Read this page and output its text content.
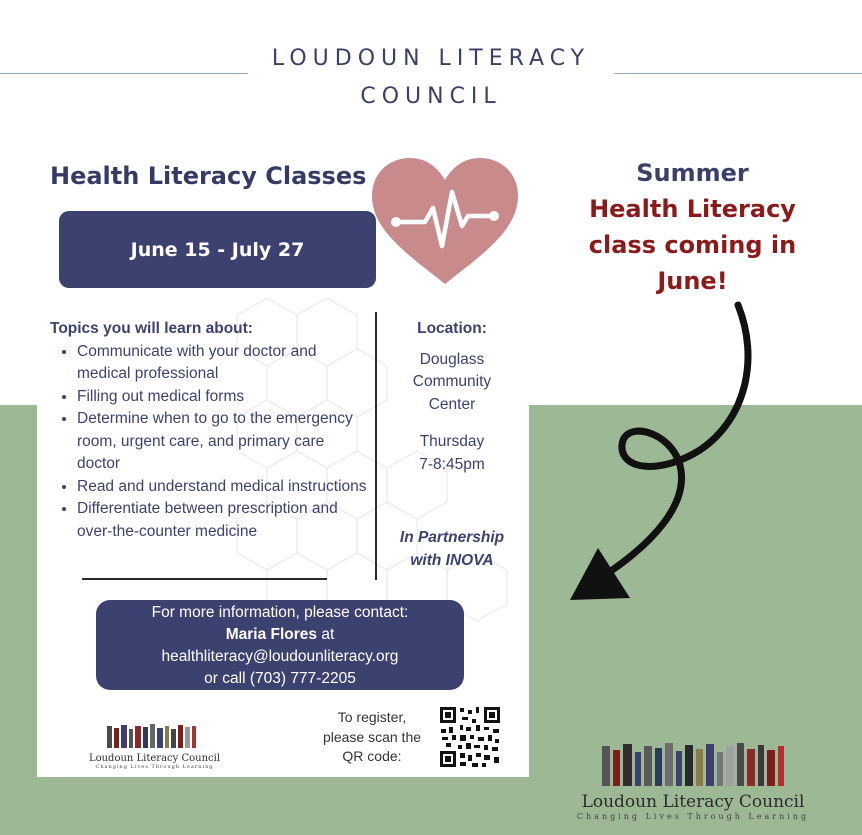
LOUDOUN LITERACY
COUNCIL
Health Literacy Classes
June 15 - July 27
Topics you will learn about:
• Communicate with your doctor and medical professional
• Filling out medical forms
• Determine when to go to the emergency room, urgent care, and primary care doctor
• Read and understand medical instructions
• Differentiate between prescription and over-the-counter medicine
Location:
Douglass
Community
Center
Thursday
7-8:45pm
In Partnership
with INOVA
For more information, please contact:
Maria Flores at
healthliteracy@loudounliteracy.org
or call (703) 777-2205
Loudoun Literacy Council
Changing Lives Through Learning
To register,
please scan the
QR code:
Summer
Health Literacy
class coming in
June!
Loudoun Literacy Council
Changing Lives Through Learning
